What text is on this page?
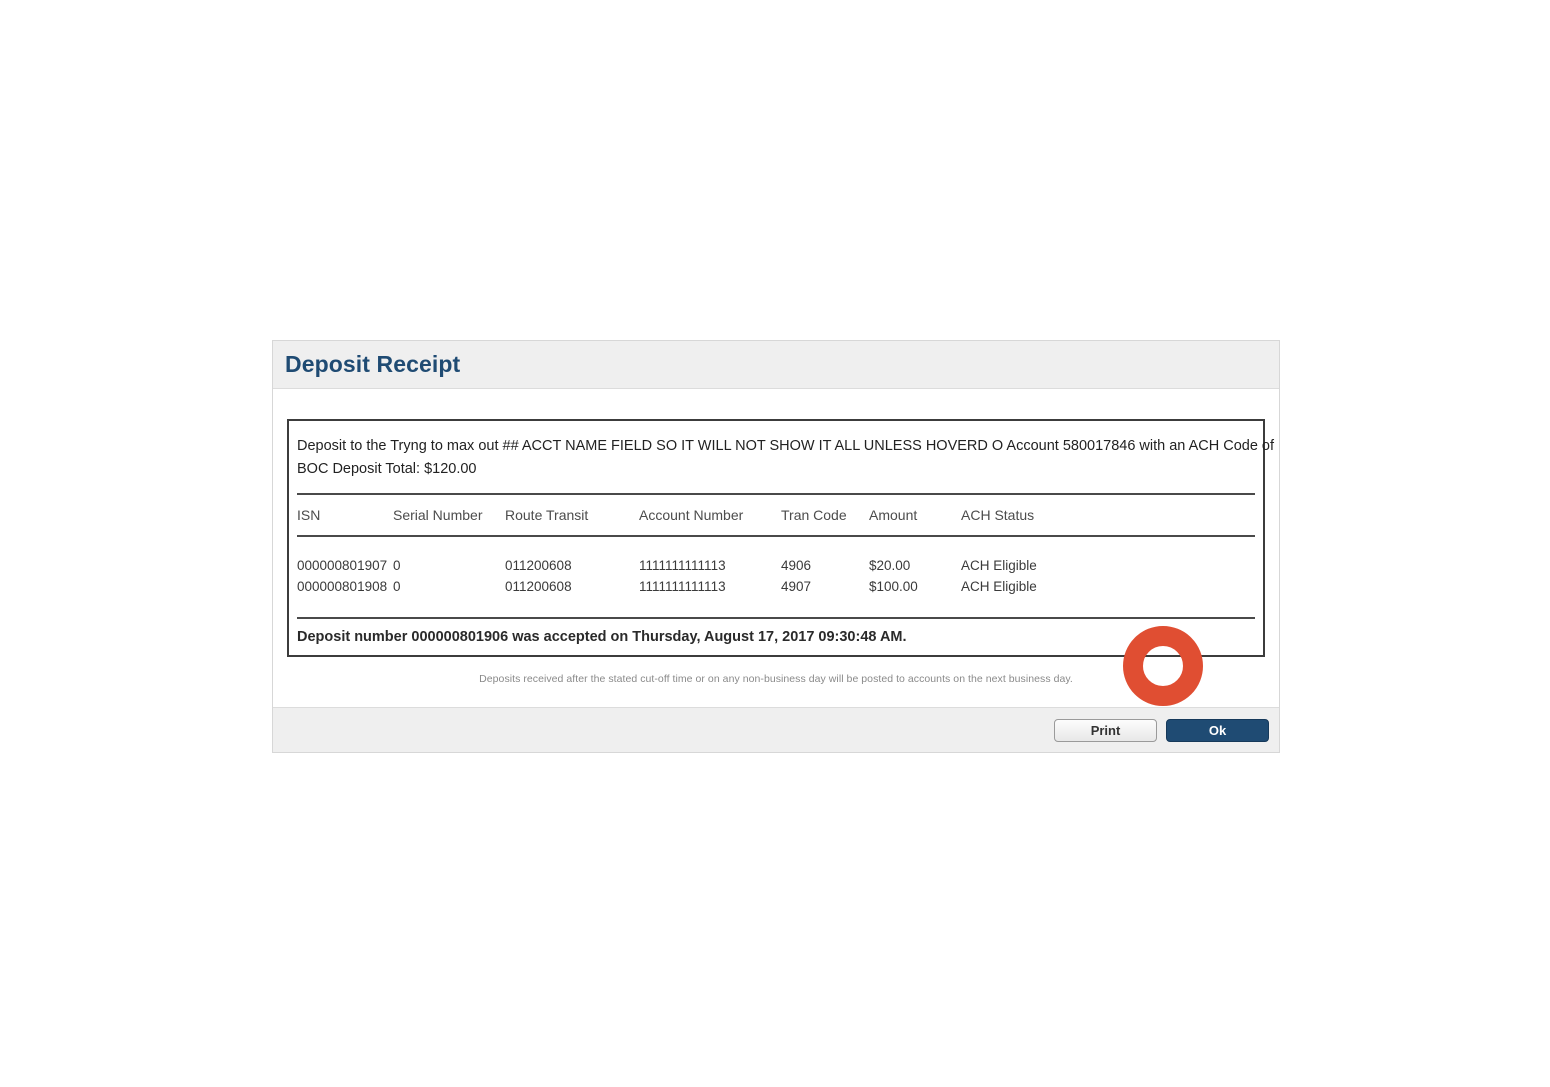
Deposit Receipt
Deposit to the Tryng to max out ## ACCT NAME FIELD SO IT WILL NOT SHOW IT ALL UNLESS HOVERD O Account 580017846 with an ACH Code of
BOC Deposit Total: $120.00
ISN	Serial Number	Route Transit	Account Number	Tran Code	Amount	ACH Status

000000801907	0	011200608	1111111111113	4906	$20.00	ACH Eligible
000000801908	0	011200608	1111111111113	4907	$100.00	ACH Eligible

Deposit number 000000801906 was accepted on Thursday, August 17, 2017 09:30:48 AM.
Deposits received after the stated cut-off time or on any non-business day will be posted to accounts on the next business day.
Print	Ok
